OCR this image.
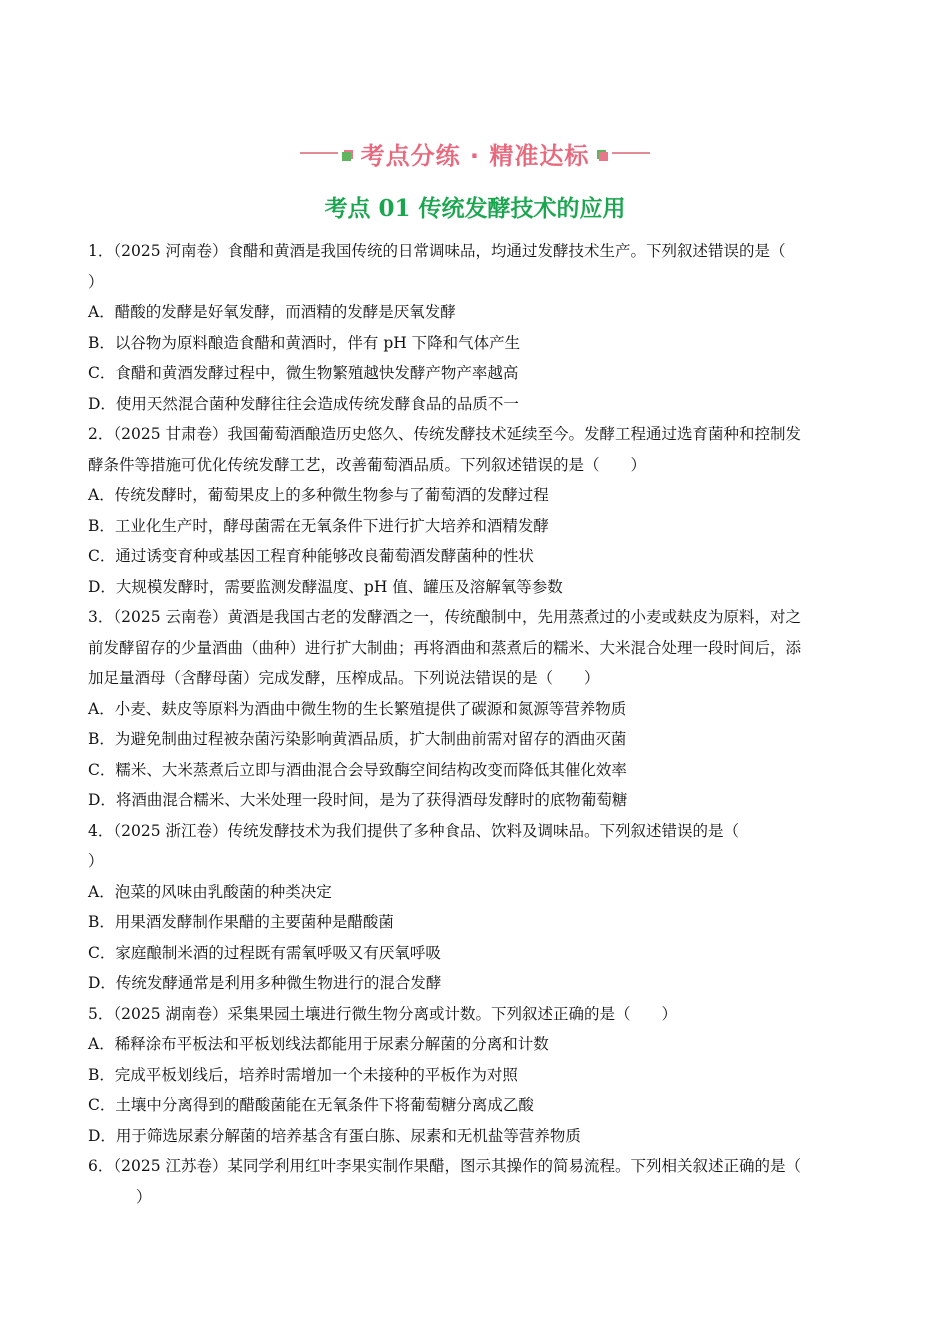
考点分练 · 精准达标
考点 01 传统发酵技术的应用

1．（2025 河南卷）食醋和黄酒是我国传统的日常调味品，均通过发酵技术生产。下列叙述错误的是（

）

A．醋酸的发酵是好氧发酵，而酒精的发酵是厌氧发酵

B．以谷物为原料酿造食醋和黄酒时，伴有 pH 下降和气体产生

C．食醋和黄酒发酵过程中，微生物繁殖越快发酵产物产率越高

D．使用天然混合菌种发酵往往会造成传统发酵食品的品质不一

2．（2025 甘肃卷）我国葡萄酒酿造历史悠久、传统发酵技术延续至今。发酵工程通过选育菌种和控制发

酵条件等措施可优化传统发酵工艺，改善葡萄酒品质。下列叙述错误的是（　　）

A．传统发酵时，葡萄果皮上的多种微生物参与了葡萄酒的发酵过程

B．工业化生产时，酵母菌需在无氧条件下进行扩大培养和酒精发酵

C．通过诱变育种或基因工程育种能够改良葡萄酒发酵菌种的性状

D．大规模发酵时，需要监测发酵温度、pH 值、罐压及溶解氧等参数

3．（2025 云南卷）黄酒是我国古老的发酵酒之一，传统酿制中，先用蒸煮过的小麦或麸皮为原料，对之

前发酵留存的少量酒曲（曲种）进行扩大制曲；再将酒曲和蒸煮后的糯米、大米混合处理一段时间后，添

加足量酒母（含酵母菌）完成发酵，压榨成品。下列说法错误的是（　　）

A．小麦、麸皮等原料为酒曲中微生物的生长繁殖提供了碳源和氮源等营养物质

B．为避免制曲过程被杂菌污染影响黄酒品质，扩大制曲前需对留存的酒曲灭菌

C．糯米、大米蒸煮后立即与酒曲混合会导致酶空间结构改变而降低其催化效率

D．将酒曲混合糯米、大米处理一段时间，是为了获得酒母发酵时的底物葡萄糖

4．（2025 浙江卷）传统发酵技术为我们提供了多种食品、饮料及调味品。下列叙述错误的是（

）

A．泡菜的风味由乳酸菌的种类决定

B．用果酒发酵制作果醋的主要菌种是醋酸菌

C．家庭酿制米酒的过程既有需氧呼吸又有厌氧呼吸

D．传统发酵通常是利用多种微生物进行的混合发酵

5．（2025 湖南卷）采集果园土壤进行微生物分离或计数。下列叙述正确的是（　　）

A．稀释涂布平板法和平板划线法都能用于尿素分解菌的分离和计数

B．完成平板划线后，培养时需增加一个未接种的平板作为对照

C．土壤中分离得到的醋酸菌能在无氧条件下将葡萄糖分离成乙酸

D．用于筛选尿素分解菌的培养基含有蛋白胨、尿素和无机盐等营养物质

6．（2025 江苏卷）某同学利用红叶李果实制作果醋，图示其操作的简易流程。下列相关叙述正确的是（

）
